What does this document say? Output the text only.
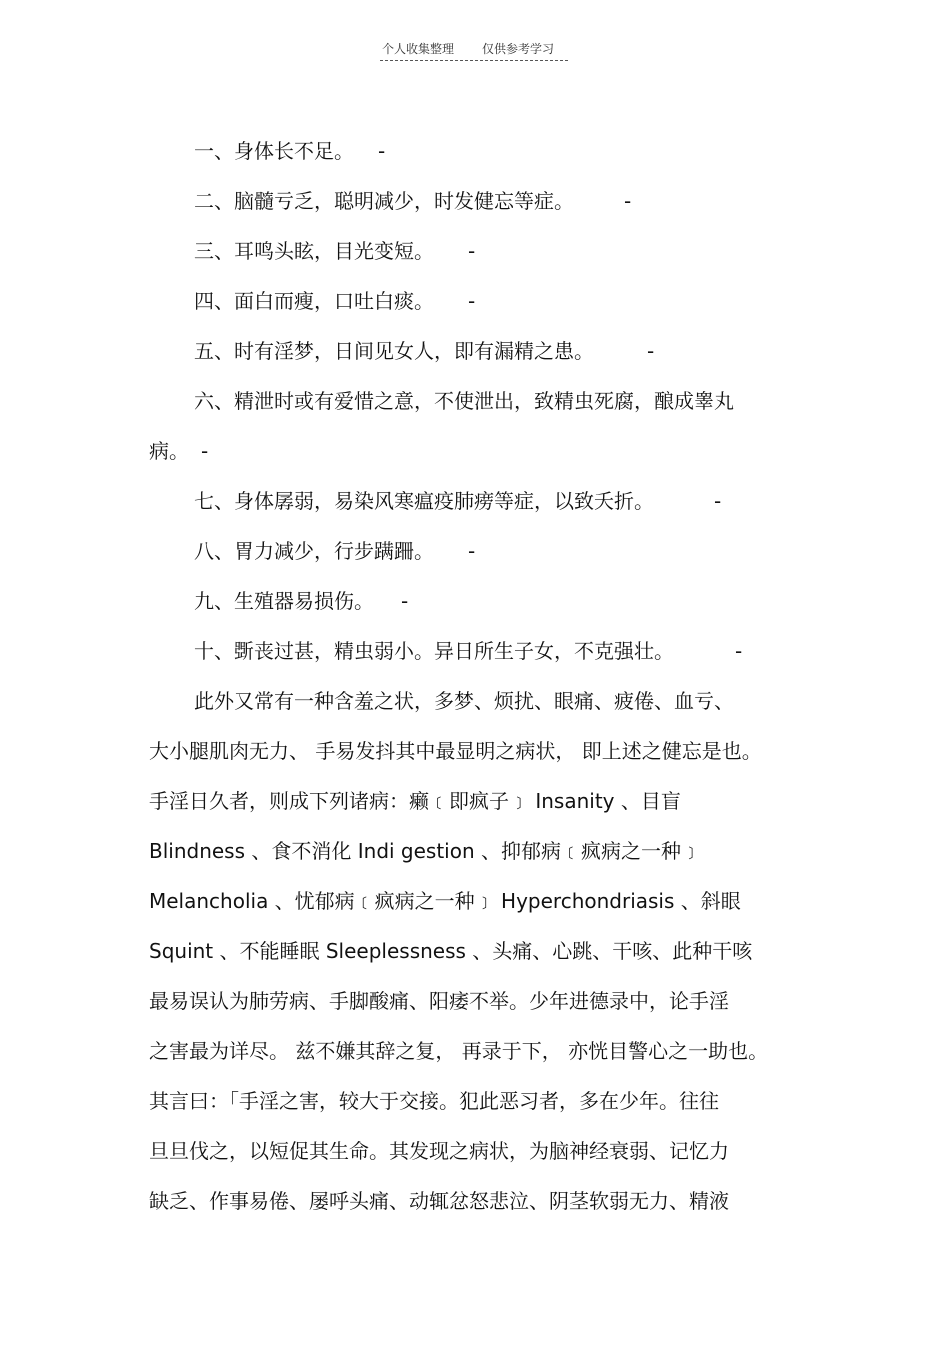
个人收集整理 仅供参考学习
一、身体长不足。 -
二、脑髓亏乏，聪明减少，时发健忘等症。	-
三、耳鸣头眩，目光变短。 -
四、面白而瘦，口吐白痰。 -
五、时有淫梦，日间见女人，即有漏精之患。	-
六、精泄时或有爱惜之意，不使泄出，致精虫死腐，酿成睾丸
病。 -
七、身体孱弱，易染风寒瘟疫肺痨等症，以致夭折。	-
八、胃力减少，行步蹒跚。 -
九、生殖器易损伤。 -
十、斲丧过甚，精虫弱小。异日所生子女，不克强壮。	-
此外又常有一种含羞之状，多梦、烦扰、眼痛、疲倦、血亏、
大小腿肌肉无力、 手易发抖其中最显明之病状， 即上述之健忘是也。
手淫日久者，则成下列诸病：癞﹝即疯子﹞ Insanity 、目盲
Blindness 、食不消化 Indi gestion 、抑郁病﹝疯病之一种﹞
Melancholia 、忧郁病﹝疯病之一种﹞ Hyperchondriasis 、斜眼
Squint 、不能睡眠 Sleeplessness 、头痛、心跳、干咳、此种干咳
最易误认为肺劳病、手脚酸痛、阳痿不举。少年进德录中，论手淫
之害最为详尽。 兹不嫌其辞之复， 再录于下， 亦恍目警心之一助也。
其言曰：「手淫之害，较大于交接。犯此恶习者，多在少年。往往
旦旦伐之，以短促其生命。其发现之病状，为脑神经衰弱、记忆力
缺乏、作事易倦、屡呼头痛、动辄忿怒悲泣、阴茎软弱无力、精液
